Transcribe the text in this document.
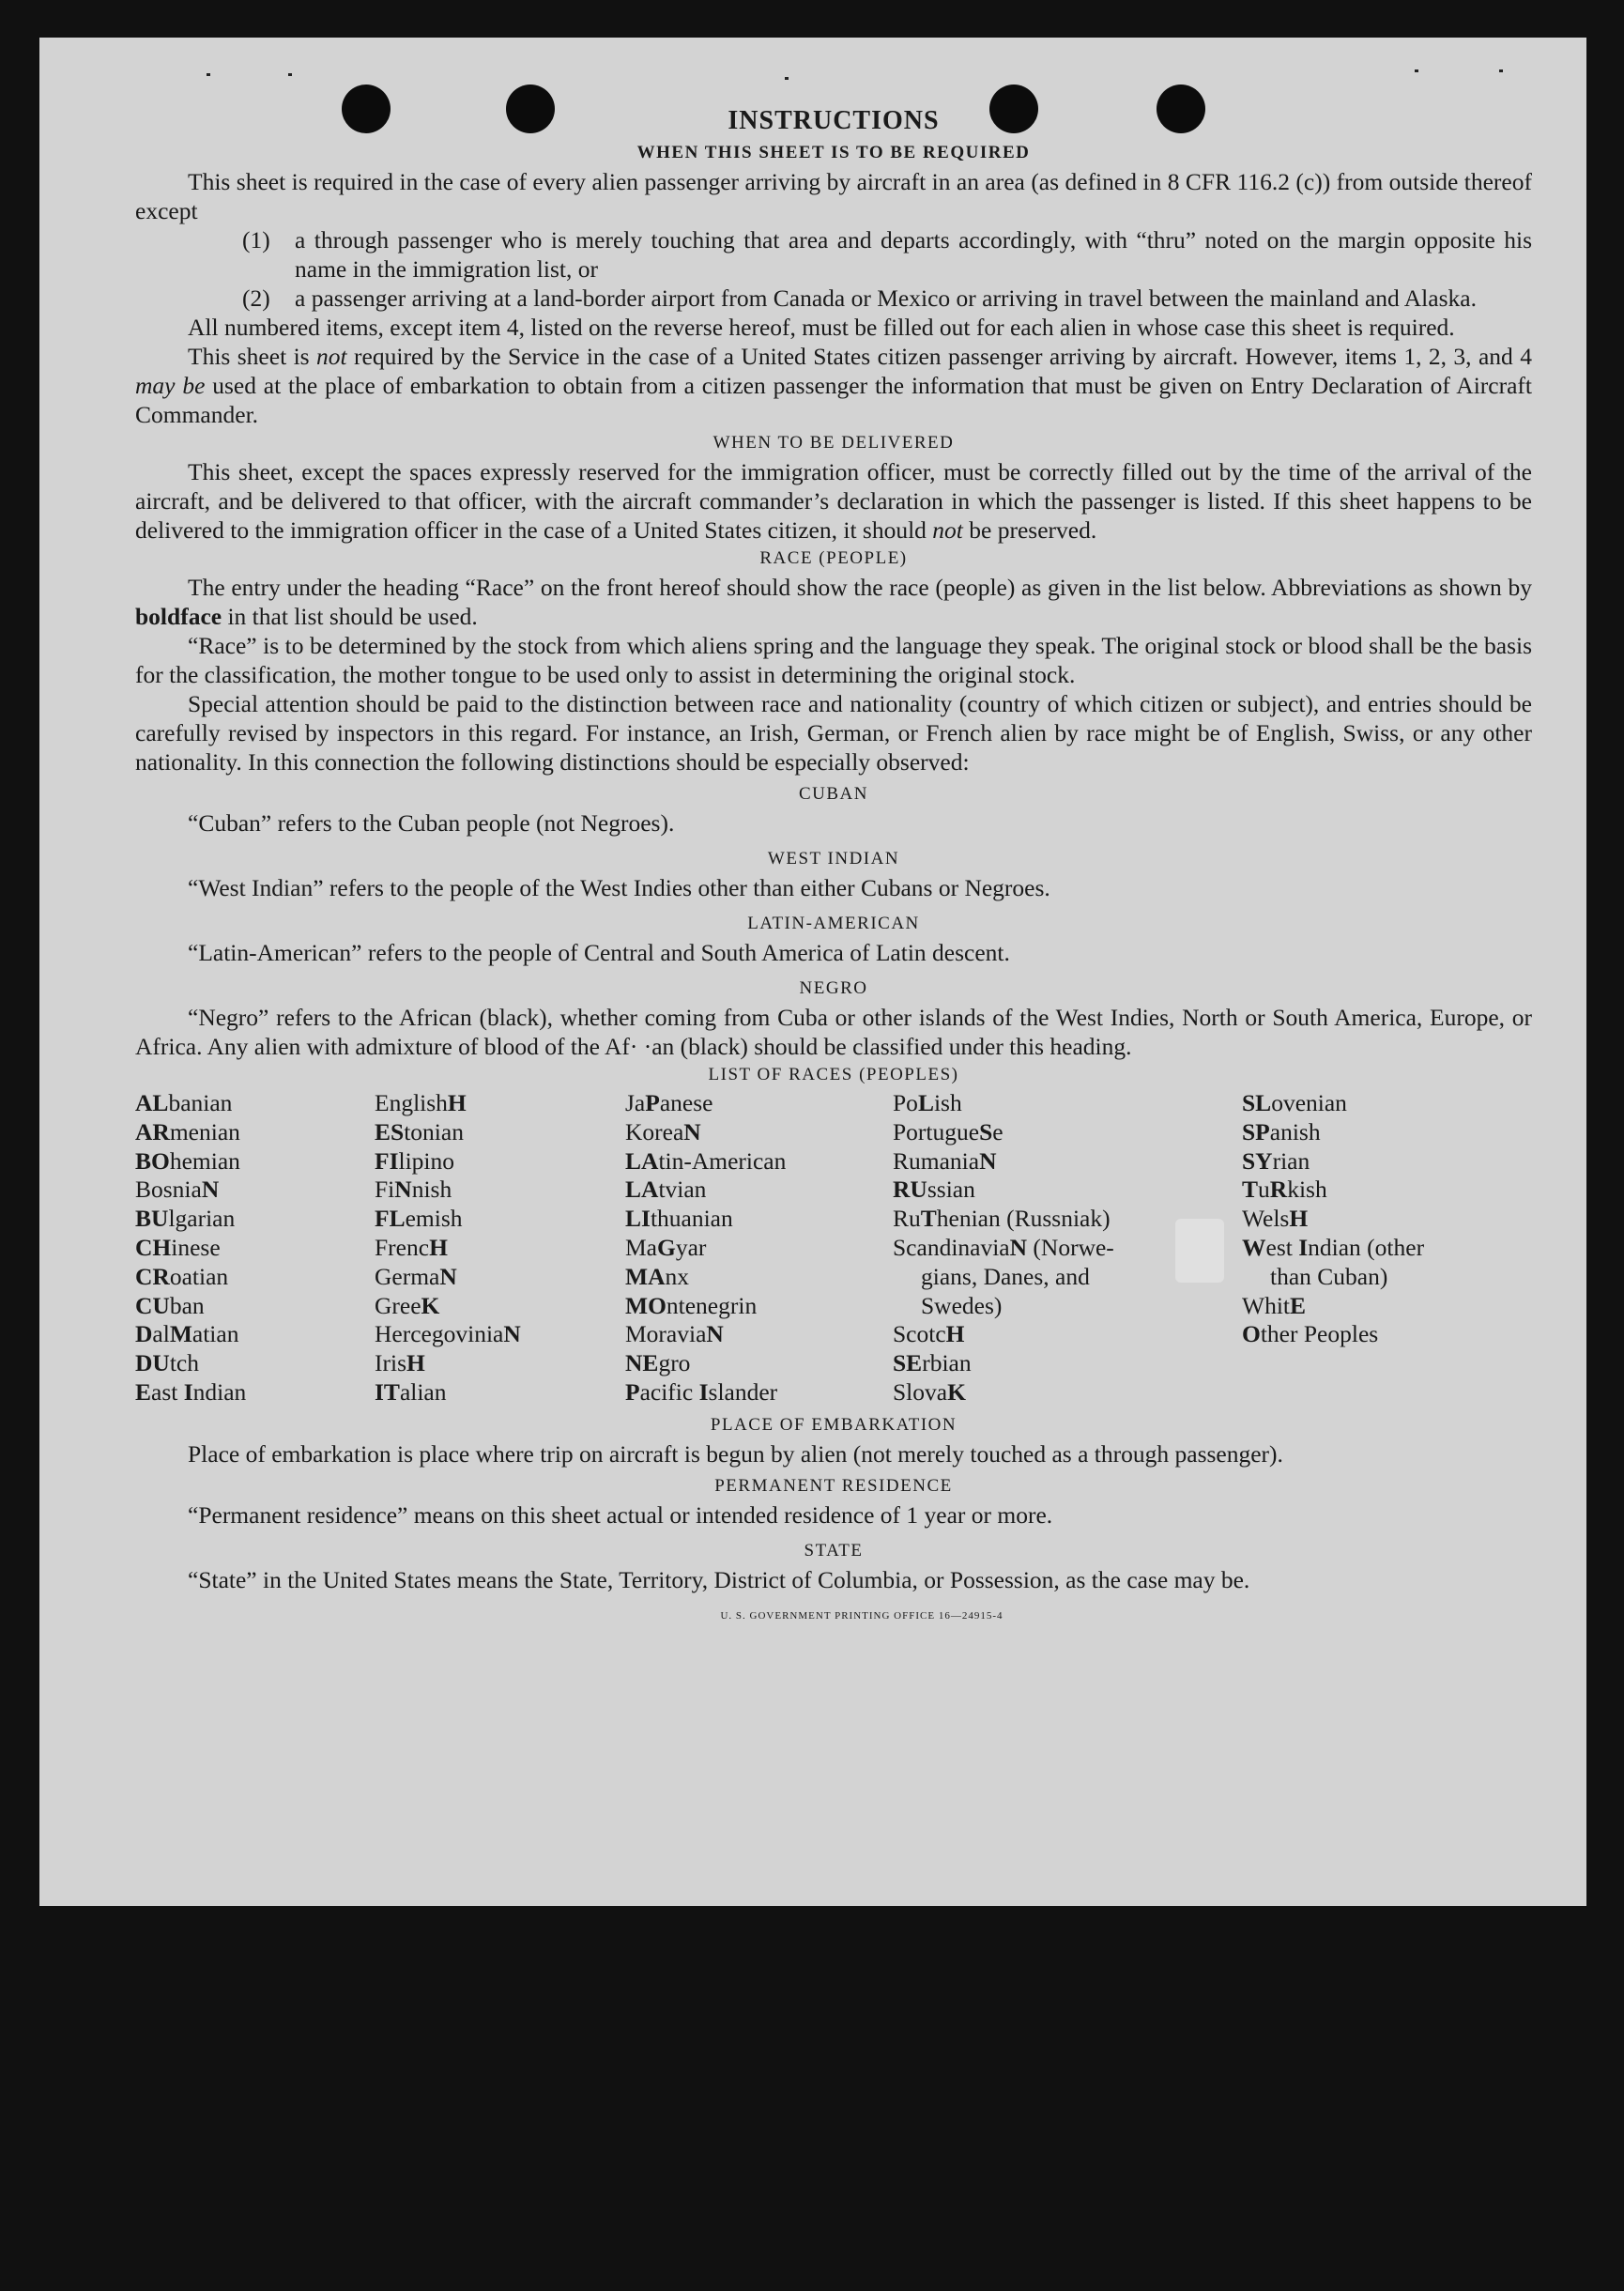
INSTRUCTIONS
WHEN THIS SHEET IS TO BE REQUIRED

This sheet is required in the case of every alien passenger arriving by aircraft in an area (as defined in 8 CFR 116.2 (c)) from outside thereof except

(1)	a through passenger who is merely touching that area and departs accordingly, with “thru” noted on the margin opposite his name in the immigration list, or
(2)	a passenger arriving at a land-border airport from Canada or Mexico or arriving in travel between the mainland and Alaska.

All numbered items, except item 4, listed on the reverse hereof, must be filled out for each alien in whose case this sheet is required.

This sheet is not required by the Service in the case of a United States citizen passenger arriving by aircraft. However, items 1, 2, 3, and 4 may be used at the place of embarkation to obtain from a citizen passenger the information that must be given on Entry Declaration of Aircraft Commander.

WHEN TO BE DELIVERED

This sheet, except the spaces expressly reserved for the immigration officer, must be correctly filled out by the time of the arrival of the aircraft, and be delivered to that officer, with the aircraft commander’s declaration in which the passenger is listed. If this sheet happens to be delivered to the immigration officer in the case of a United States citizen, it should not be preserved.

RACE (PEOPLE)

The entry under the heading “Race” on the front hereof should show the race (people) as given in the list below. Abbreviations as shown by boldface in that list should be used.

“Race” is to be determined by the stock from which aliens spring and the language they speak. The original stock or blood shall be the basis for the classification, the mother tongue to be used only to assist in determining the original stock.

Special attention should be paid to the distinction between race and nationality (country of which citizen or subject), and entries should be carefully revised by inspectors in this regard. For instance, an Irish, German, or French alien by race might be of English, Swiss, or any other nationality. In this connection the following distinctions should be especially observed:

CUBAN

“Cuban” refers to the Cuban people (not Negroes).

WEST INDIAN

“West Indian” refers to the people of the West Indies other than either Cubans or Negroes.

LATIN-AMERICAN

“Latin-American” refers to the people of Central and South America of Latin descent.

NEGRO

“Negro” refers to the African (black), whether coming from Cuba or other islands of the West Indies, North or South America, Europe, or Africa. Any alien with admixture of blood of the Af· ·an (black) should be classified under this heading.

LIST OF RACES (PEOPLES)
ALbanian
ARmenian
BOhemian
BosniaN
BUlgarian
CHinese
CRoatian
CUban
DalMatian
DUtch
East Indian
EnglishH
EStonian
FIlipino
FiNnish
FLemish
FrencH
GermaN
GreeK
HercegoviniaN
IrisH
ITalian
JaPanese
KoreaN
LAtin-American
LAtvian
LIthuanian
MaGyar
MAnx
MOntenegrin
MoraviaN
NEgro
Pacific Islander
PoLish
PortugueSe
RumaniaN
RUssian
RuThenian (Russniak)
ScandinaviaN (Norwe-
gians, Danes, and
Swedes)
ScotcH
SErbian
SlovaK
SLovenian
SPanish
SYrian
TuRkish
WelsH
West Indian (other
than Cuban)
WhitE
Other Peoples
PLACE OF EMBARKATION

Place of embarkation is place where trip on aircraft is begun by alien (not merely touched as a through passenger).

PERMANENT RESIDENCE

“Permanent residence” means on this sheet actual or intended residence of 1 year or more.

STATE

“State” in the United States means the State, Territory, District of Columbia, or Possession, as the case may be.

U. S. GOVERNMENT PRINTING OFFICE 16—24915-4
